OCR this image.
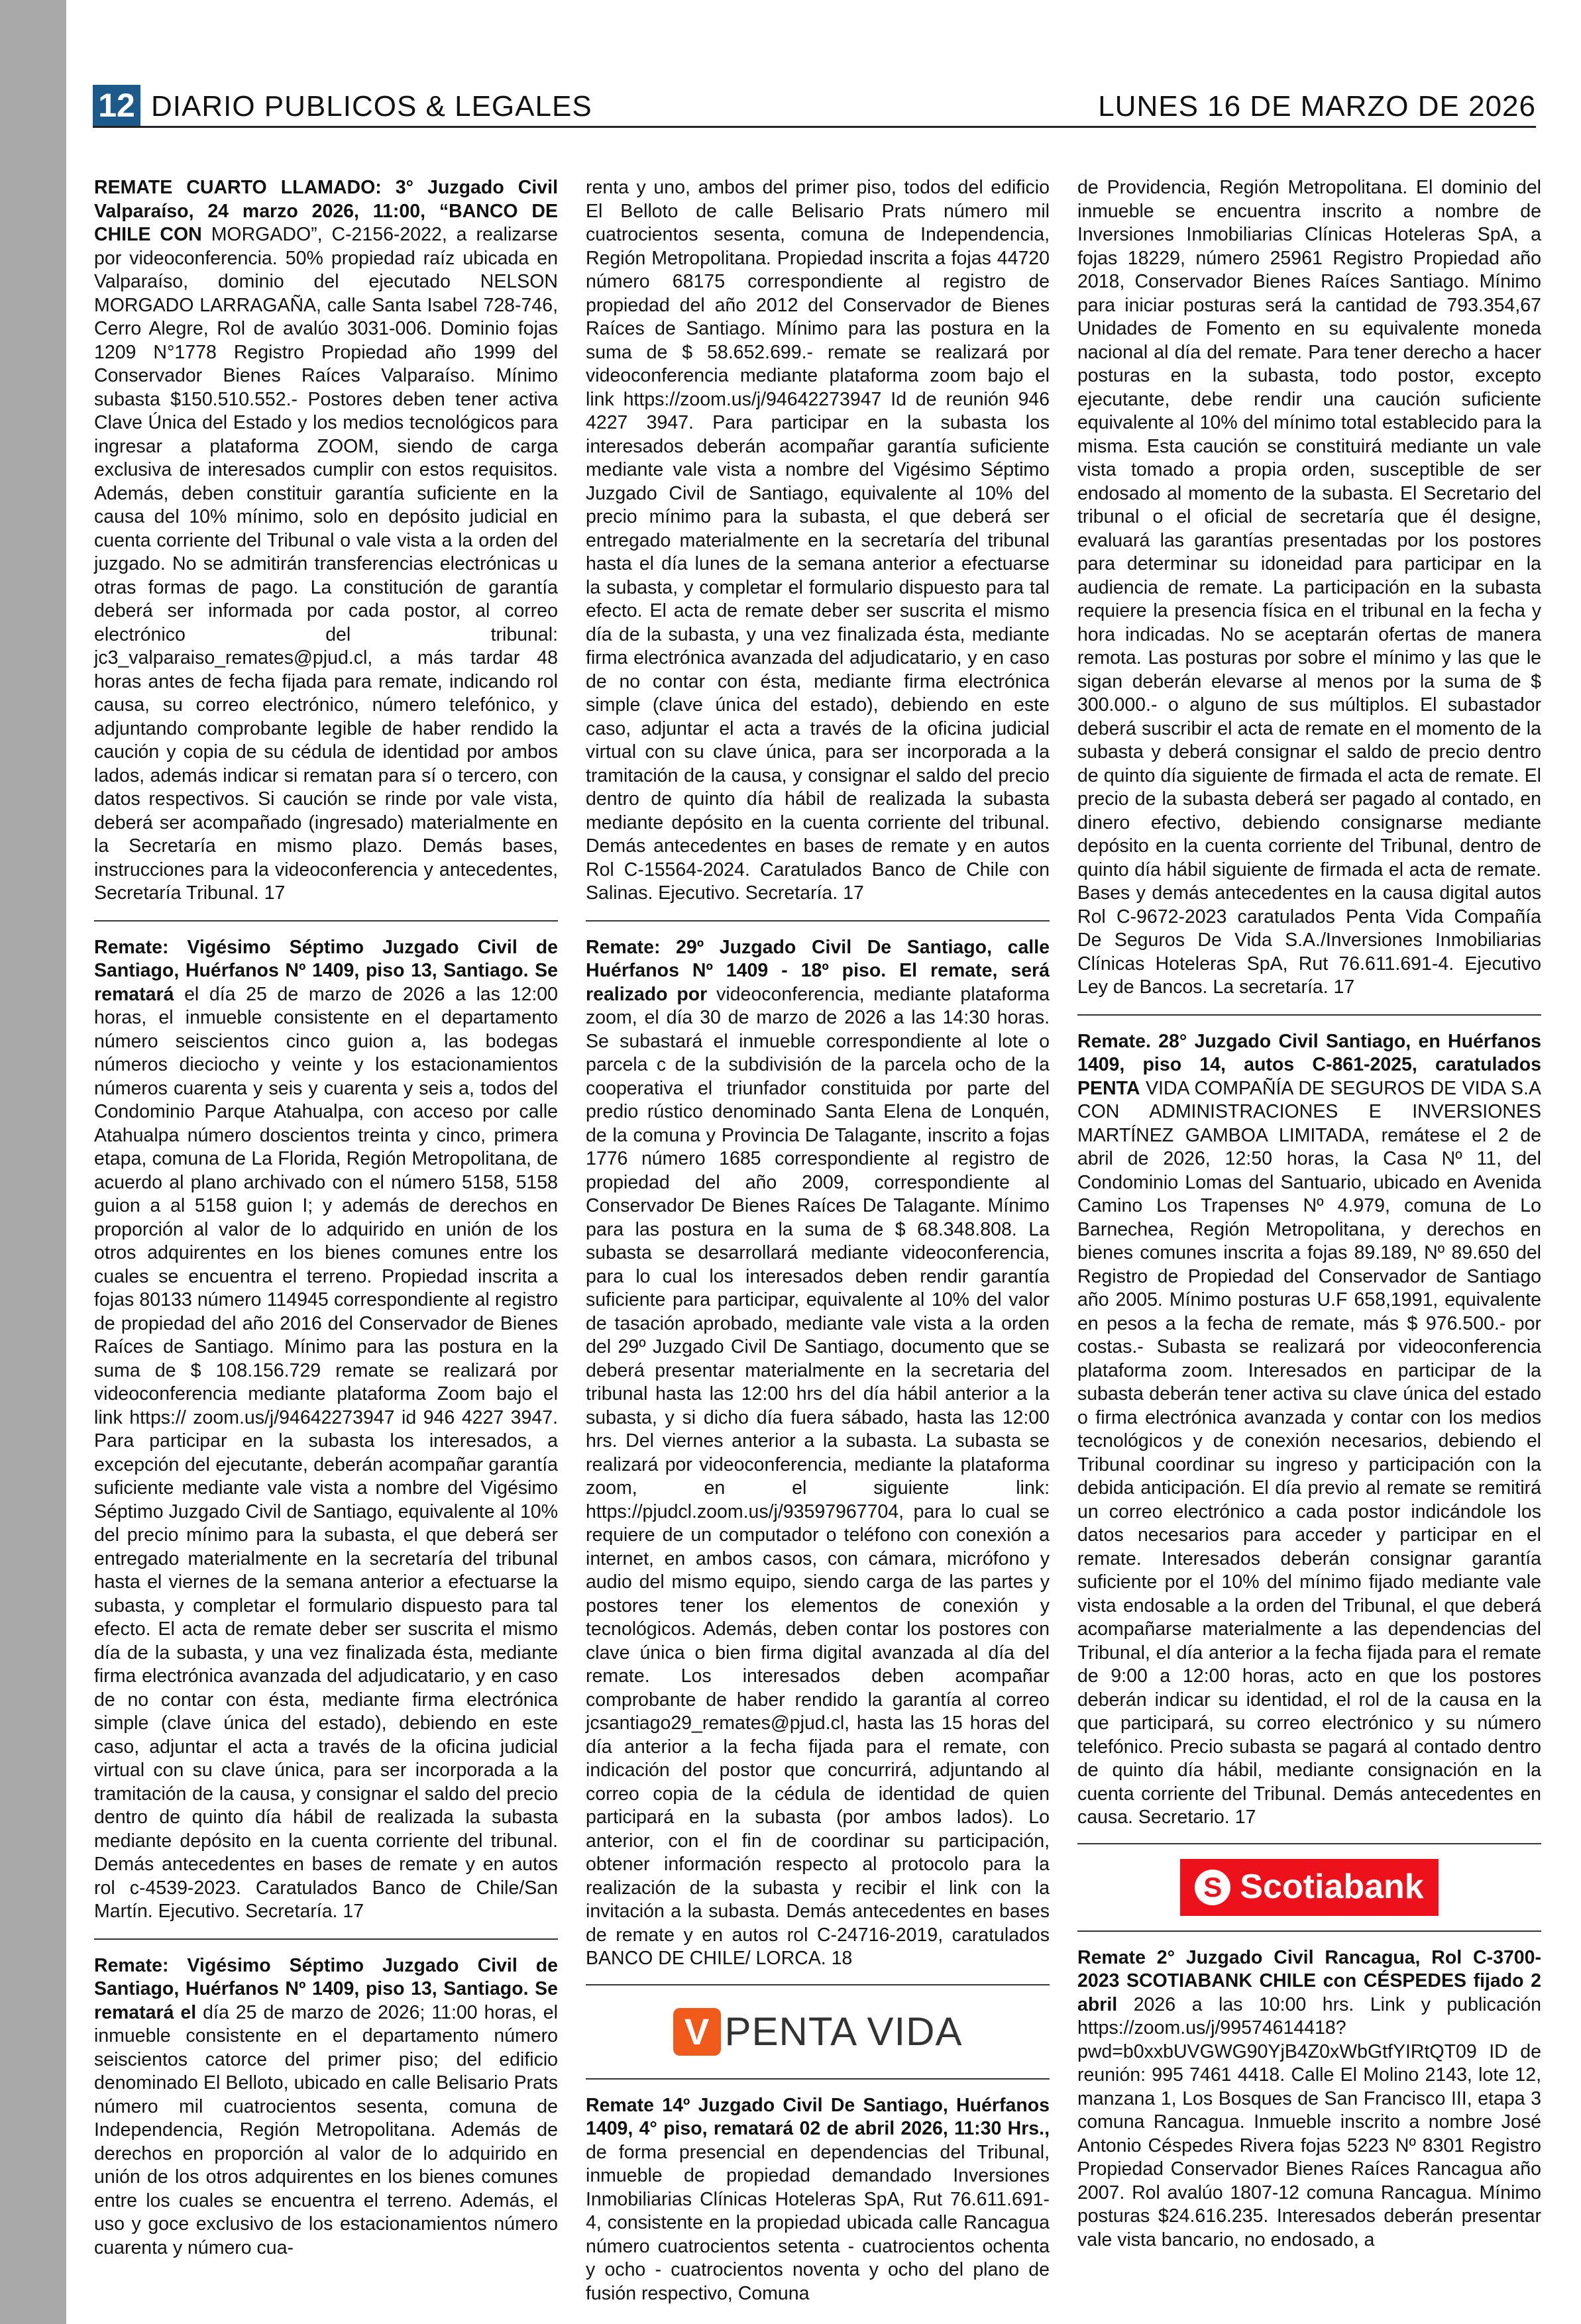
12 DIARIO PUBLICOS & LEGALES	LUNES 16 DE MARZO DE 2026

REMATE CUARTO LLAMADO: 3° Juzgado Civil Valparaíso, 24 marzo 2026, 11:00, “BANCO DE CHILE CON MORGADO”, C-2156-2022, a realizarse por videoconferencia. 50% propiedad raíz ubicada en Valparaíso, dominio del ejecutado NELSON MORGADO LARRAGAÑA, calle Santa Isabel 728-746, Cerro Alegre, Rol de avalúo 3031-006. Dominio fojas 1209 N°1778 Registro Propiedad año 1999 del Conservador Bienes Raíces Valparaíso. Mínimo subasta $150.510.552.- Postores deben tener activa Clave Única del Estado y los medios tecnológicos para ingresar a plataforma ZOOM, siendo de carga exclusiva de interesados cumplir con estos requisitos. Además, deben constituir garantía suficiente en la causa del 10% mínimo, solo en depósito judicial en cuenta corriente del Tribunal o vale vista a la orden del juzgado. No se admitirán transferencias electrónicas u otras formas de pago. La constitución de garantía deberá ser informada por cada postor, al correo electrónico del tribunal: jc3_valparaiso_remates@pjud.cl, a más tardar 48 horas antes de fecha fijada para remate, indicando rol causa, su correo electrónico, número telefónico, y adjuntando comprobante legible de haber rendido la caución y copia de su cédula de identidad por ambos lados, además indicar si rematan para sí o tercero, con datos respectivos. Si caución se rinde por vale vista, deberá ser acompañado (ingresado) materialmente en la Secretaría en mismo plazo. Demás bases, instrucciones para la videoconferencia y antecedentes, Secretaría Tribunal. 17

Remate: Vigésimo Séptimo Juzgado Civil de Santiago, Huérfanos Nº 1409, piso 13, Santiago. Se rematará el día 25 de marzo de 2026 a las 12:00 horas, el inmueble consistente en el departamento número seiscientos cinco guion a, las bodegas números dieciocho y veinte y los estacionamientos números cuarenta y seis y cuarenta y seis a, todos del Condominio Parque Atahualpa, con acceso por calle Atahualpa número doscientos treinta y cinco, primera etapa, comuna de La Florida, Región Metropolitana, de acuerdo al plano archivado con el número 5158, 5158 guion a al 5158 guion I; y además de derechos en proporción al valor de lo adquirido en unión de los otros adquirentes en los bienes comunes entre los cuales se encuentra el terreno. Propiedad inscrita a fojas 80133 número 114945 correspondiente al registro de propiedad del año 2016 del Conservador de Bienes Raíces de Santiago. Mínimo para las postura en la suma de $ 108.156.729 remate se realizará por videoconferencia mediante plataforma Zoom bajo el link https:// zoom.us/j/94642273947 id 946 4227 3947. Para participar en la subasta los interesados, a excepción del ejecutante, deberán acompañar garantía suficiente mediante vale vista a nombre del Vigésimo Séptimo Juzgado Civil de Santiago, equivalente al 10% del precio mínimo para la subasta, el que deberá ser entregado materialmente en la secretaría del tribunal hasta el viernes de la semana anterior a efectuarse la subasta, y completar el formulario dispuesto para tal efecto. El acta de remate deber ser suscrita el mismo día de la subasta, y una vez finalizada ésta, mediante firma electrónica avanzada del adjudicatario, y en caso de no contar con ésta, mediante firma electrónica simple (clave única del estado), debiendo en este caso, adjuntar el acta a través de la oficina judicial virtual con su clave única, para ser incorporada a la tramitación de la causa, y consignar el saldo del precio dentro de quinto día hábil de realizada la subasta mediante depósito en la cuenta corriente del tribunal. Demás antecedentes en bases de remate y en autos rol c-4539-2023. Caratulados Banco de Chile/San Martín. Ejecutivo. Secretaría. 17

Remate: Vigésimo Séptimo Juzgado Civil de Santiago, Huérfanos Nº 1409, piso 13, Santiago. Se rematará el día 25 de marzo de 2026; 11:00 horas, el inmueble consistente en el departamento número seiscientos catorce del primer piso; del edificio denominado El Belloto, ubicado en calle Belisario Prats número mil cuatrocientos sesenta, comuna de Independencia, Región Metropolitana. Además de derechos en proporción al valor de lo adquirido en unión de los otros adquirentes en los bienes comunes entre los cuales se encuentra el terreno. Además, el uso y goce exclusivo de los estacionamientos número cuarenta y número cua-

renta y uno, ambos del primer piso, todos del edificio El Belloto de calle Belisario Prats número mil cuatrocientos sesenta, comuna de Independencia, Región Metropolitana. Propiedad inscrita a fojas 44720 número 68175 correspondiente al registro de propiedad del año 2012 del Conservador de Bienes Raíces de Santiago. Mínimo para las postura en la suma de $ 58.652.699.- remate se realizará por videoconferencia mediante plataforma zoom bajo el link https://zoom.us/j/94642273947 Id de reunión 946 4227 3947. Para participar en la subasta los interesados deberán acompañar garantía suficiente mediante vale vista a nombre del Vigésimo Séptimo Juzgado Civil de Santiago, equivalente al 10% del precio mínimo para la subasta, el que deberá ser entregado materialmente en la secretaría del tribunal hasta el día lunes de la semana anterior a efectuarse la subasta, y completar el formulario dispuesto para tal efecto. El acta de remate deber ser suscrita el mismo día de la subasta, y una vez finalizada ésta, mediante firma electrónica avanzada del adjudicatario, y en caso de no contar con ésta, mediante firma electrónica simple (clave única del estado), debiendo en este caso, adjuntar el acta a través de la oficina judicial virtual con su clave única, para ser incorporada a la tramitación de la causa, y consignar el saldo del precio dentro de quinto día hábil de realizada la subasta mediante depósito en la cuenta corriente del tribunal. Demás antecedentes en bases de remate y en autos Rol C-15564-2024. Caratulados Banco de Chile con Salinas. Ejecutivo. Secretaría. 17

Remate: 29º Juzgado Civil De Santiago, calle Huérfanos Nº 1409 - 18º piso. El remate, será realizado por videoconferencia, mediante plataforma zoom, el día 30 de marzo de 2026 a las 14:30 horas. Se subastará el inmueble correspondiente al lote o parcela c de la subdivisión de la parcela ocho de la cooperativa el triunfador constituida por parte del predio rústico denominado Santa Elena de Lonquén, de la comuna y Provincia De Talagante, inscrito a fojas 1776 número 1685 correspondiente al registro de propiedad del año 2009, correspondiente al Conservador De Bienes Raíces De Talagante. Mínimo para las postura en la suma de $ 68.348.808. La subasta se desarrollará mediante videoconferencia, para lo cual los interesados deben rendir garantía suficiente para participar, equivalente al 10% del valor de tasación aprobado, mediante vale vista a la orden del 29º Juzgado Civil De Santiago, documento que se deberá presentar materialmente en la secretaria del tribunal hasta las 12:00 hrs del día hábil anterior a la subasta, y si dicho día fuera sábado, hasta las 12:00 hrs. Del viernes anterior a la subasta. La subasta se realizará por videoconferencia, mediante la plataforma zoom, en el siguiente link: https://pjudcl.zoom.us/j/93597967704, para lo cual se requiere de un computador o teléfono con conexión a internet, en ambos casos, con cámara, micrófono y audio del mismo equipo, siendo carga de las partes y postores tener los elementos de conexión y tecnológicos. Además, deben contar los postores con clave única o bien firma digital avanzada al día del remate. Los interesados deben acompañar comprobante de haber rendido la garantía al correo jcsantiago29_remates@pjud.cl, hasta las 15 horas del día anterior a la fecha fijada para el remate, con indicación del postor que concurrirá, adjuntando al correo copia de la cédula de identidad de quien participará en la subasta (por ambos lados). Lo anterior, con el fin de coordinar su participación, obtener información respecto al protocolo para la realización de la subasta y recibir el link con la invitación a la subasta. Demás antecedentes en bases de remate y en autos rol C-24716-2019, caratulados BANCO DE CHILE/ LORCA. 18

V PENTA VIDA

Remate 14º Juzgado Civil De Santiago, Huérfanos 1409, 4° piso, rematará 02 de abril 2026, 11:30 Hrs., de forma presencial en dependencias del Tribunal, inmueble de propiedad demandado Inversiones Inmobiliarias Clínicas Hoteleras SpA, Rut 76.611.691-4, consistente en la propiedad ubicada calle Rancagua número cuatrocientos setenta - cuatrocientos ochenta y ocho - cuatrocientos noventa y ocho del plano de fusión respectivo, Comuna

de Providencia, Región Metropolitana. El dominio del inmueble se encuentra inscrito a nombre de Inversiones Inmobiliarias Clínicas Hoteleras SpA, a fojas 18229, número 25961 Registro Propiedad año 2018, Conservador Bienes Raíces Santiago. Mínimo para iniciar posturas será la cantidad de 793.354,67 Unidades de Fomento en su equivalente moneda nacional al día del remate. Para tener derecho a hacer posturas en la subasta, todo postor, excepto ejecutante, debe rendir una caución suficiente equivalente al 10% del mínimo total establecido para la misma. Esta caución se constituirá mediante un vale vista tomado a propia orden, susceptible de ser endosado al momento de la subasta. El Secretario del tribunal o el oficial de secretaría que él designe, evaluará las garantías presentadas por los postores para determinar su idoneidad para participar en la audiencia de remate. La participación en la subasta requiere la presencia física en el tribunal en la fecha y hora indicadas. No se aceptarán ofertas de manera remota. Las posturas por sobre el mínimo y las que le sigan deberán elevarse al menos por la suma de $ 300.000.- o alguno de sus múltiplos. El subastador deberá suscribir el acta de remate en el momento de la subasta y deberá consignar el saldo de precio dentro de quinto día siguiente de firmada el acta de remate. El precio de la subasta deberá ser pagado al contado, en dinero efectivo, debiendo consignarse mediante depósito en la cuenta corriente del Tribunal, dentro de quinto día hábil siguiente de firmada el acta de remate. Bases y demás antecedentes en la causa digital autos Rol C-9672-2023 caratulados Penta Vida Compañía De Seguros De Vida S.A./Inversiones Inmobiliarias Clínicas Hoteleras SpA, Rut 76.611.691-4. Ejecutivo Ley de Bancos. La secretaría. 17

Remate. 28° Juzgado Civil Santiago, en Huérfanos 1409, piso 14, autos C-861-2025, caratulados PENTA VIDA COMPAÑÍA DE SEGUROS DE VIDA S.A CON ADMINISTRACIONES E INVERSIONES MARTÍNEZ GAMBOA LIMITADA, remátese el 2 de abril de 2026, 12:50 horas, la Casa Nº 11, del Condominio Lomas del Santuario, ubicado en Avenida Camino Los Trapenses Nº 4.979, comuna de Lo Barnechea, Región Metropolitana, y derechos en bienes comunes inscrita a fojas 89.189, Nº 89.650 del Registro de Propiedad del Conservador de Santiago año 2005. Mínimo posturas U.F 658,1991, equivalente en pesos a la fecha de remate, más $ 976.500.- por costas.- Subasta se realizará por videoconferencia plataforma zoom. Interesados en participar de la subasta deberán tener activa su clave única del estado o firma electrónica avanzada y contar con los medios tecnológicos y de conexión necesarios, debiendo el Tribunal coordinar su ingreso y participación con la debida anticipación. El día previo al remate se remitirá un correo electrónico a cada postor indicándole los datos necesarios para acceder y participar en el remate. Interesados deberán consignar garantía suficiente por el 10% del mínimo fijado mediante vale vista endosable a la orden del Tribunal, el que deberá acompañarse materialmente a las dependencias del Tribunal, el día anterior a la fecha fijada para el remate de 9:00 a 12:00 horas, acto en que los postores deberán indicar su identidad, el rol de la causa en la que participará, su correo electrónico y su número telefónico. Precio subasta se pagará al contado dentro de quinto día hábil, mediante consignación en la cuenta corriente del Tribunal. Demás antecedentes en causa. Secretario. 17

S Scotiabank

Remate 2° Juzgado Civil Rancagua, Rol C-3700-2023 SCOTIABANK CHILE con CÉSPEDES fijado 2 abril 2026 a las 10:00 hrs. Link y publicación https://zoom.us/j/99574614418?pwd=b0xxbUVGWG90YjB4Z0xWbGtfYIRtQT09 ID de reunión: 995 7461 4418. Calle El Molino 2143, lote 12, manzana 1, Los Bosques de San Francisco III, etapa 3 comuna Rancagua. Inmueble inscrito a nombre José Antonio Céspedes Rivera fojas 5223 Nº 8301 Registro Propiedad Conservador Bienes Raíces Rancagua año 2007. Rol avalúo 1807-12 comuna Rancagua. Mínimo posturas $24.616.235. Interesados deberán presentar vale vista bancario, no endosado, a
